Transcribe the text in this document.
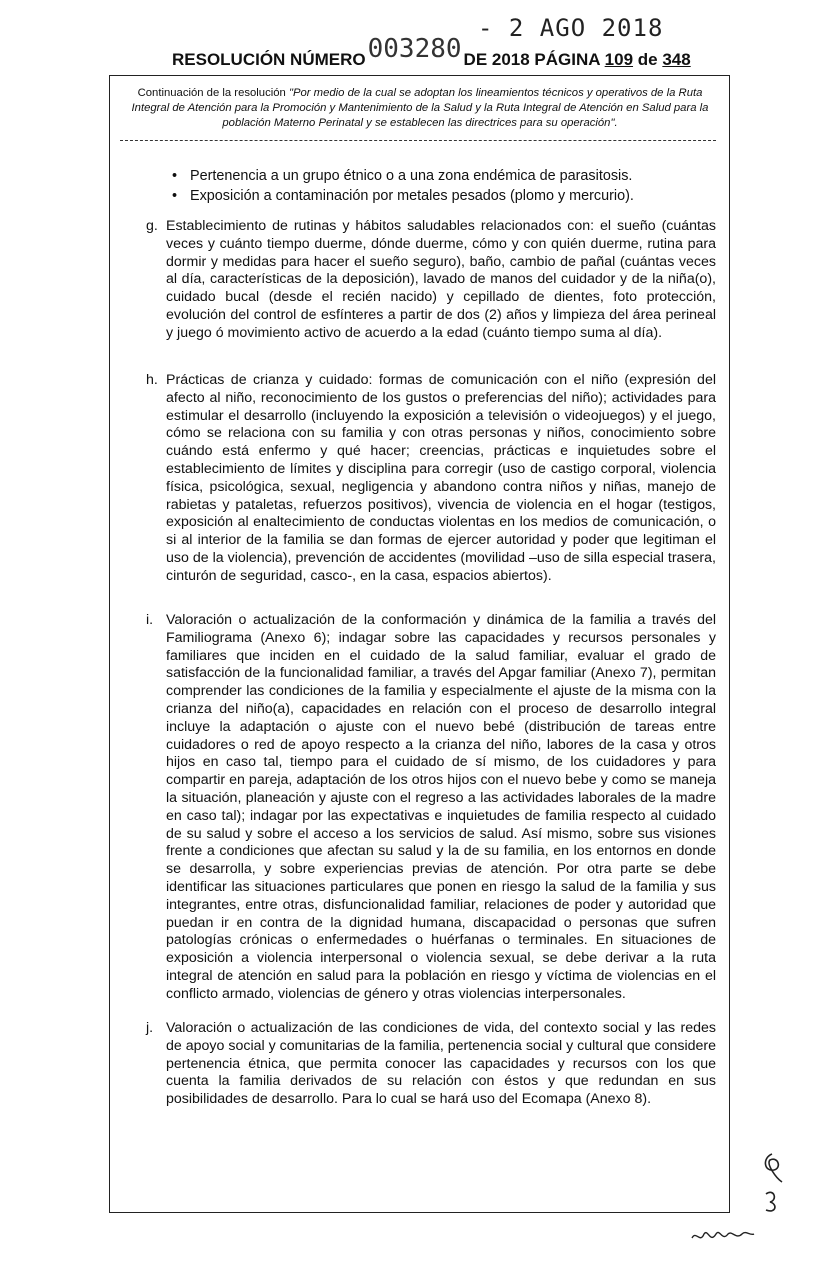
- 2 AGO 2018
RESOLUCIÓN NÚMERO003280 DE 2018 PÁGINA 109 de 348
Continuación de la resolución "Por medio de la cual se adoptan los lineamientos técnicos y operativos de la Ruta Integral de Atención para la Promoción y Mantenimiento de la Salud y la Ruta Integral de Atención en Salud para la población Materno Perinatal y se establecen las directrices para su operación".
• Pertenencia a un grupo étnico o a una zona endémica de parasitosis.
• Exposición a contaminación por metales pesados (plomo y mercurio).
g. Establecimiento de rutinas y hábitos saludables relacionados con: el sueño (cuántas veces y cuánto tiempo duerme, dónde duerme, cómo y con quién duerme, rutina para dormir y medidas para hacer el sueño seguro), baño, cambio de pañal (cuántas veces al día, características de la deposición), lavado de manos del cuidador y de la niña(o), cuidado bucal (desde el recién nacido) y cepillado de dientes, foto protección, evolución del control de esfínteres a partir de dos (2) años y limpieza del área perineal y juego ó movimiento activo de acuerdo a la edad (cuánto tiempo suma al día).
h. Prácticas de crianza y cuidado: formas de comunicación con el niño (expresión del afecto al niño, reconocimiento de los gustos o preferencias del niño); actividades para estimular el desarrollo (incluyendo la exposición a televisión o videojuegos) y el juego, cómo se relaciona con su familia y con otras personas y niños, conocimiento sobre cuándo está enfermo y qué hacer; creencias, prácticas e inquietudes sobre el establecimiento de límites y disciplina para corregir (uso de castigo corporal, violencia física, psicológica, sexual, negligencia y abandono contra niños y niñas, manejo de rabietas y pataletas, refuerzos positivos), vivencia de violencia en el hogar (testigos, exposición al enaltecimiento de conductas violentas en los medios de comunicación, o si al interior de la familia se dan formas de ejercer autoridad y poder que legitiman el uso de la violencia), prevención de accidentes (movilidad –uso de silla especial trasera, cinturón de seguridad, casco-, en la casa, espacios abiertos).
i. Valoración o actualización de la conformación y dinámica de la familia a través del Familiograma (Anexo 6); indagar sobre las capacidades y recursos personales y familiares que inciden en el cuidado de la salud familiar, evaluar el grado de satisfacción de la funcionalidad familiar, a través del Apgar familiar (Anexo 7), permitan comprender las condiciones de la familia y especialmente el ajuste de la misma con la crianza del niño(a), capacidades en relación con el proceso de desarrollo integral incluye la adaptación o ajuste con el nuevo bebé (distribución de tareas entre cuidadores o red de apoyo respecto a la crianza del niño, labores de la casa y otros hijos en caso tal, tiempo para el cuidado de sí mismo, de los cuidadores y para compartir en pareja, adaptación de los otros hijos con el nuevo bebe y como se maneja la situación, planeación y ajuste con el regreso a las actividades laborales de la madre en caso tal); indagar por las expectativas e inquietudes de familia respecto al cuidado de su salud y sobre el acceso a los servicios de salud. Así mismo, sobre sus visiones frente a condiciones que afectan su salud y la de su familia, en los entornos en donde se desarrolla, y sobre experiencias previas de atención. Por otra parte se debe identificar las situaciones particulares que ponen en riesgo la salud de la familia y sus integrantes, entre otras, disfuncionalidad familiar, relaciones de poder y autoridad que puedan ir en contra de la dignidad humana, discapacidad o personas que sufren patologías crónicas o enfermedades o huérfanas o terminales. En situaciones de exposición a violencia interpersonal o violencia sexual, se debe derivar a la ruta integral de atención en salud para la población en riesgo y víctima de violencias en el conflicto armado, violencias de género y otras violencias interpersonales.
j. Valoración o actualización de las condiciones de vida, del contexto social y las redes de apoyo social y comunitarias de la familia, pertenencia social y cultural que considere pertenencia étnica, que permita conocer las capacidades y recursos con los que cuenta la familia derivados de su relación con éstos y que redundan en sus posibilidades de desarrollo. Para lo cual se hará uso del Ecomapa (Anexo 8).
